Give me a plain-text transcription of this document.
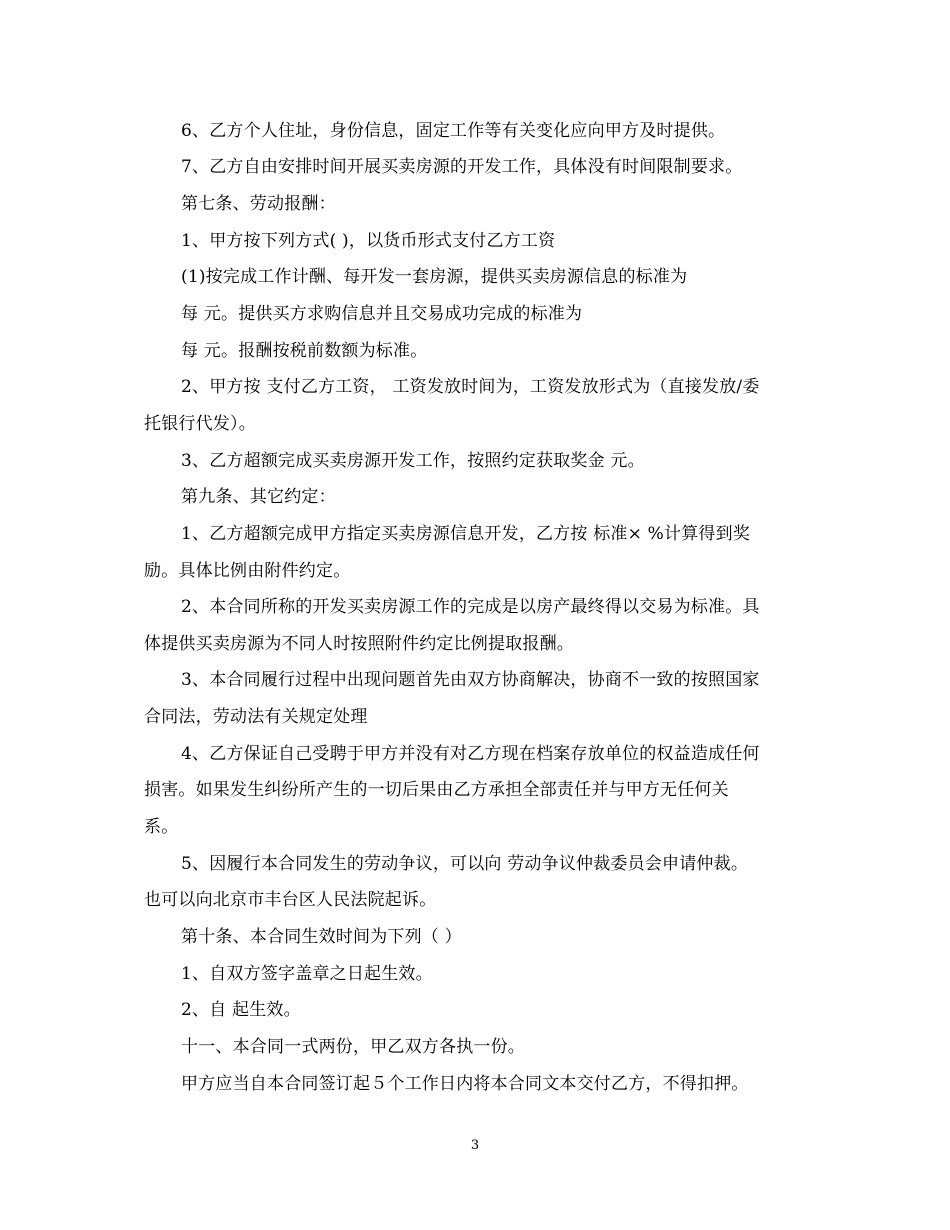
6、乙方个人住址，身份信息，固定工作等有关变化应向甲方及时提供。
7、乙方自由安排时间开展买卖房源的开发工作，具体没有时间限制要求。
第七条、劳动报酬：
1、甲方按下列方式( )，以货币形式支付乙方工资
(1)按完成工作计酬、每开发一套房源，提供买卖房源信息的标准为
每 元。提供买方求购信息并且交易成功完成的标准为
每 元。报酬按税前数额为标准。
2、甲方按 支付乙方工资， 工资发放时间为，工资发放形式为（直接发放/委
托银行代发）。
3、乙方超额完成买卖房源开发工作，按照约定获取奖金 元。
第九条、其它约定：
1、乙方超额完成甲方指定买卖房源信息开发，乙方按 标准× %计算得到奖
励。具体比例由附件约定。
2、本合同所称的开发买卖房源工作的完成是以房产最终得以交易为标准。具
体提供买卖房源为不同人时按照附件约定比例提取报酬。
3、本合同履行过程中出现问题首先由双方协商解决，协商不一致的按照国家
合同法，劳动法有关规定处理
4、乙方保证自己受聘于甲方并没有对乙方现在档案存放单位的权益造成任何
损害。如果发生纠纷所产生的一切后果由乙方承担全部责任并与甲方无任何关
系。
5、因履行本合同发生的劳动争议，可以向 劳动争议仲裁委员会申请仲裁。
也可以向北京市丰台区人民法院起诉。
第十条、本合同生效时间为下列（ ）
1、自双方签字盖章之日起生效。
2、自 起生效。
十一、本合同一式两份，甲乙双方各执一份。
甲方应当自本合同签订起５个工作日内将本合同文本交付乙方，不得扣押。
3
